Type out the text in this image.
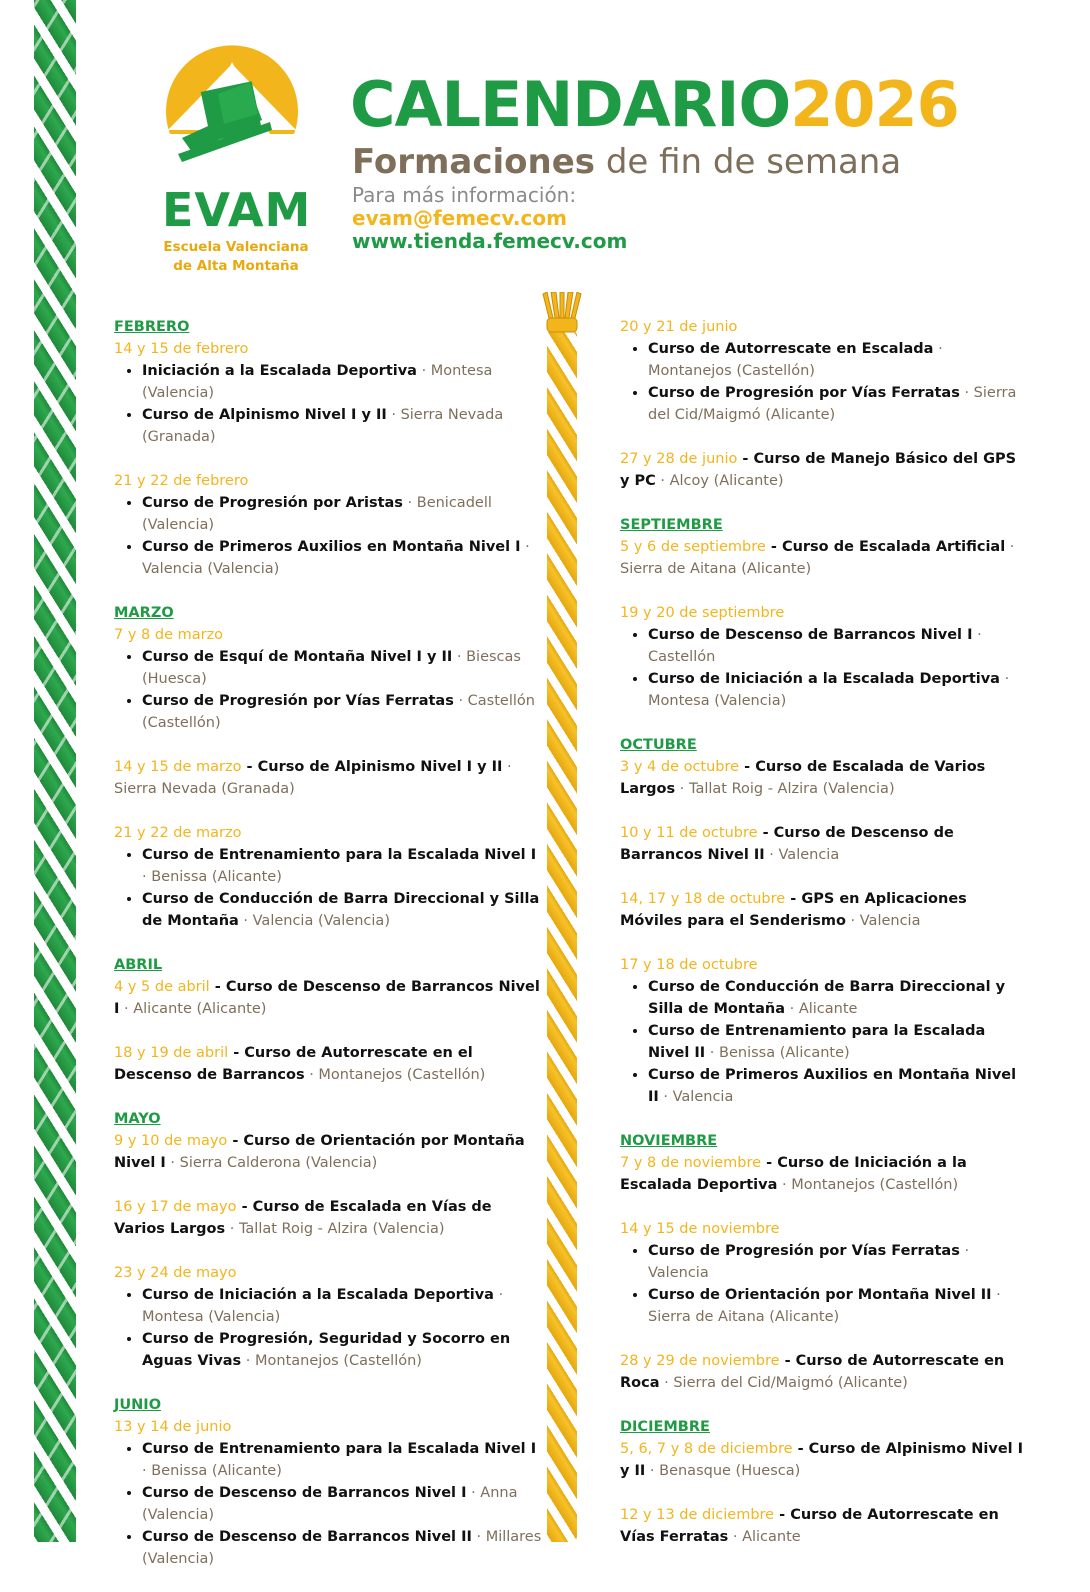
EVAM
Escuela Valenciana
de Alta Montaña
CALENDARIO2026
Formaciones de fin de semana
Para más información:
evam@femecv.com
www.tienda.femecv.com
FEBRERO
14 y 15 de febrero
• Iniciación a la Escalada Deportiva · Montesa (Valencia)
• Curso de Alpinismo Nivel I y II · Sierra Nevada (Granada)
21 y 22 de febrero
• Curso de Progresión por Aristas · Benicadell (Valencia)
• Curso de Primeros Auxilios en Montaña Nivel I · Valencia (Valencia)
MARZO
7 y 8 de marzo
• Curso de Esquí de Montaña Nivel I y II · Biescas (Huesca)
• Curso de Progresión por Vías Ferratas · Castellón (Castellón)
14 y 15 de marzo - Curso de Alpinismo Nivel I y II · Sierra Nevada (Granada)
21 y 22 de marzo
• Curso de Entrenamiento para la Escalada Nivel I · Benissa (Alicante)
• Curso de Conducción de Barra Direccional y Silla de Montaña · Valencia (Valencia)
ABRIL
4 y 5 de abril - Curso de Descenso de Barrancos Nivel I · Alicante (Alicante)
18 y 19 de abril - Curso de Autorrescate en el Descenso de Barrancos · Montanejos (Castellón)
MAYO
9 y 10 de mayo - Curso de Orientación por Montaña Nivel I · Sierra Calderona (Valencia)
16 y 17 de mayo - Curso de Escalada en Vías de Varios Largos · Tallat Roig - Alzira (Valencia)
23 y 24 de mayo
• Curso de Iniciación a la Escalada Deportiva · Montesa (Valencia)
• Curso de Progresión, Seguridad y Socorro en Aguas Vivas · Montanejos (Castellón)
JUNIO
13 y 14 de junio
• Curso de Entrenamiento para la Escalada Nivel I · Benissa (Alicante)
• Curso de Descenso de Barrancos Nivel I · Anna (Valencia)
• Curso de Descenso de Barrancos Nivel II · Millares (Valencia)
20 y 21 de junio
• Curso de Autorrescate en Escalada · Montanejos (Castellón)
• Curso de Progresión por Vías Ferratas · Sierra del Cid/Maigmó (Alicante)
27 y 28 de junio - Curso de Manejo Básico del GPS y PC · Alcoy (Alicante)
SEPTIEMBRE
5 y 6 de septiembre - Curso de Escalada Artificial · Sierra de Aitana (Alicante)
19 y 20 de septiembre
• Curso de Descenso de Barrancos Nivel I · Castellón
• Curso de Iniciación a la Escalada Deportiva · Montesa (Valencia)
OCTUBRE
3 y 4 de octubre - Curso de Escalada de Varios Largos · Tallat Roig - Alzira (Valencia)
10 y 11 de octubre - Curso de Descenso de Barrancos Nivel II · Valencia
14, 17 y 18 de octubre - GPS en Aplicaciones Móviles para el Senderismo · Valencia
17 y 18 de octubre
• Curso de Conducción de Barra Direccional y Silla de Montaña · Alicante
• Curso de Entrenamiento para la Escalada Nivel II · Benissa (Alicante)
• Curso de Primeros Auxilios en Montaña Nivel II · Valencia
NOVIEMBRE
7 y 8 de noviembre - Curso de Iniciación a la Escalada Deportiva · Montanejos (Castellón)
14 y 15 de noviembre
• Curso de Progresión por Vías Ferratas · Valencia
• Curso de Orientación por Montaña Nivel II · Sierra de Aitana (Alicante)
28 y 29 de noviembre - Curso de Autorrescate en Roca · Sierra del Cid/Maigmó (Alicante)
DICIEMBRE
5, 6, 7 y 8 de diciembre - Curso de Alpinismo Nivel I y II · Benasque (Huesca)
12 y 13 de diciembre - Curso de Autorrescate en Vías Ferratas · Alicante
